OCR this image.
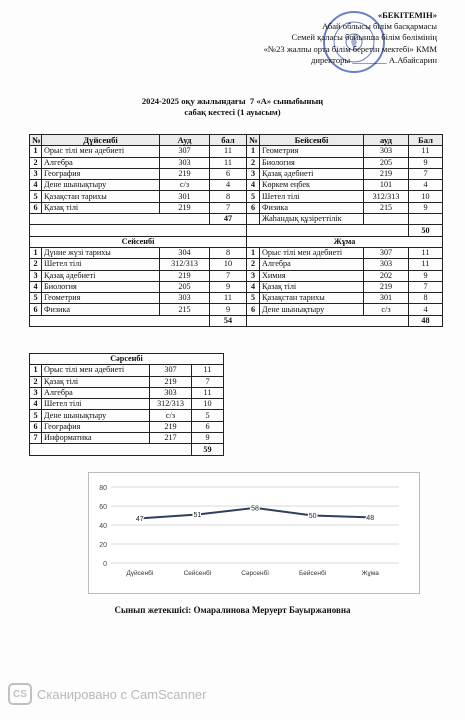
«БЕКІТЕМІН»
Абай облысы білім басқармасы
Семей қаласы бойынша білім бөлімінің
«№23 жалпы орта білім беретін мектебі» КММ
директоры ________ А.Абайсарин
2024-2025 оқу жылындағы  7 «А» сыныбының
сабақ кестесі (1 ауысым)
№	Дүйсенбі	Ауд	бал	№	Бейсенбі	ауд	Бал
1	Орыс тілі мен әдебиеті	307	11	1	Геометрия	303	11
2	Алгебра	303	11	2	Биология	205	9
3	География	219	6	3	Қазақ әдебиеті	219	7
4	Дене шынықтыру	с/з	4	4	Көркем еңбек	101	4
5	Қазақстан тарихы	301	8	5	Шетел тілі	312/313	10
6	Қазақ тілі	219	7	6	Физика	215	9
			47		Жаһандық құзіреттілік		
							50
Сейсенбі				Жұма			
1	Дүние жүзі тарихы	304	8	1	Орыс тілі мен әдебиеті	307	11
2	Шетел тілі	312/313	10	2	Алгебра	303	11
3	Қазақ әдебиеті	219	7	3	Химия	202	9
4	Биология	205	9	4	Қазақ тілі	219	7
5	Геометрия	303	11	5	Қазақстан тарихы	301	8
6	Физика	215	9	6	Дене шынықтыру	с/з	4
			54				48
Сәрсенбі			
1	Орыс тілі мен әдебиеті	307	11
2	Қазақ тілі	219	7
3	Алгебра	303	11
4	Шетел тілі	312/313	10
5	Дене шынықтыру	с/з	5
6	География	219	6
7	Информатика	217	9
			59
0
20
40
60
80
Дүйсенбі	Сейсенбі	Сәрсенбі	Бейсенбі	Жұма
47
51
58
50	48
Сынып жетекшісі: Омаралинова Меруерт Бауыржановна
CS Сканировано с CamScanner
